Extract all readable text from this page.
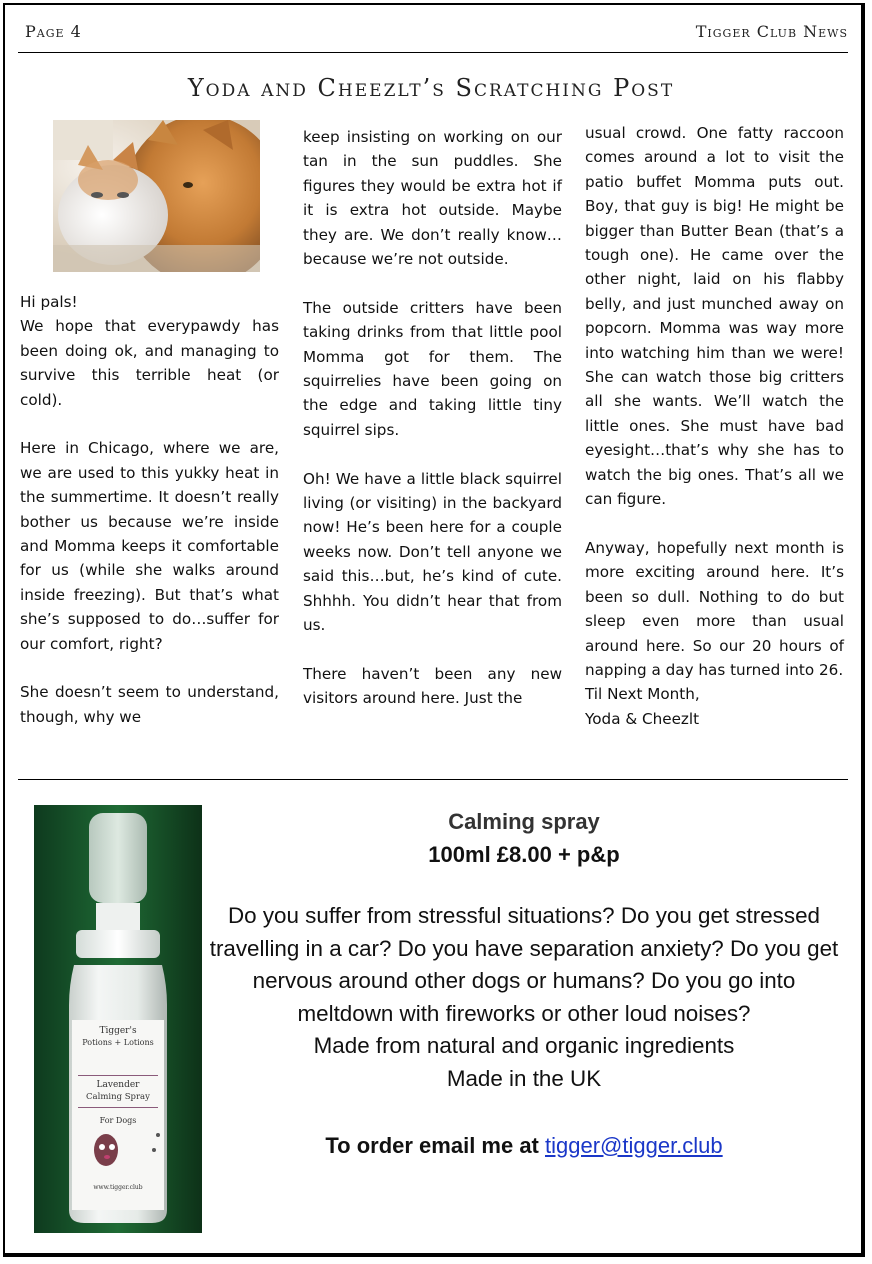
Page 4	Tigger Club News
Yoda and Cheezlt’s Scratching Post

Hi pals!

We hope that everypawdy has been doing ok, and managing to survive this terrible heat (or cold).

Here in Chicago, where we are, we are used to this yukky heat in the summertime. It doesn’t really bother us because we’re inside and Momma keeps it comfortable for us (while she walks around inside freezing). But that’s what she’s supposed to do…suffer for our comfort, right?

She doesn’t seem to understand, though, why we

keep insisting on working on our tan in the sun puddles. She figures they would be extra hot if it is extra hot outside. Maybe they are. We don’t really know…because we’re not outside.

The outside critters have been taking drinks from that little pool Momma got for them. The squirrelies have been going on the edge and taking little tiny squirrel sips.

Oh! We have a little black squirrel living (or visiting) in the backyard now! He’s been here for a couple weeks now. Don’t tell anyone we said this…but, he’s kind of cute. Shhhh. You didn’t hear that from us.

There haven’t been any new visitors around here. Just the

usual crowd. One fatty raccoon comes around a lot to visit the patio buffet Momma puts out. Boy, that guy is big! He might be bigger than Butter Bean (that’s a tough one). He came over the other night, laid on his flabby belly, and just munched away on popcorn. Momma was way more into watching him than we were! She can watch those big critters all she wants. We’ll watch the little ones. She must have bad eyesight…that’s why she has to watch the big ones. That’s all we can figure.

Anyway, hopefully next month is more exciting around here. It’s been so dull. Nothing to do but sleep even more than usual around here. So our 20 hours of napping a day has turned into 26.

Til Next Month,

Yoda & Cheezlt

Tigger's
Potions + Lotions
Lavender
Calming Spray
For Dogs
www.tigger.club
Calming spray
100ml £8.00 + p&p
Do you suffer from stressful situations? Do you get stressed travelling in a car? Do you have separation anxiety? Do you get nervous around other dogs or humans? Do you go into meltdown with fireworks or other loud noises?
Made from natural and organic ingredients
Made in the UK
To order email me at tigger@tigger.club
